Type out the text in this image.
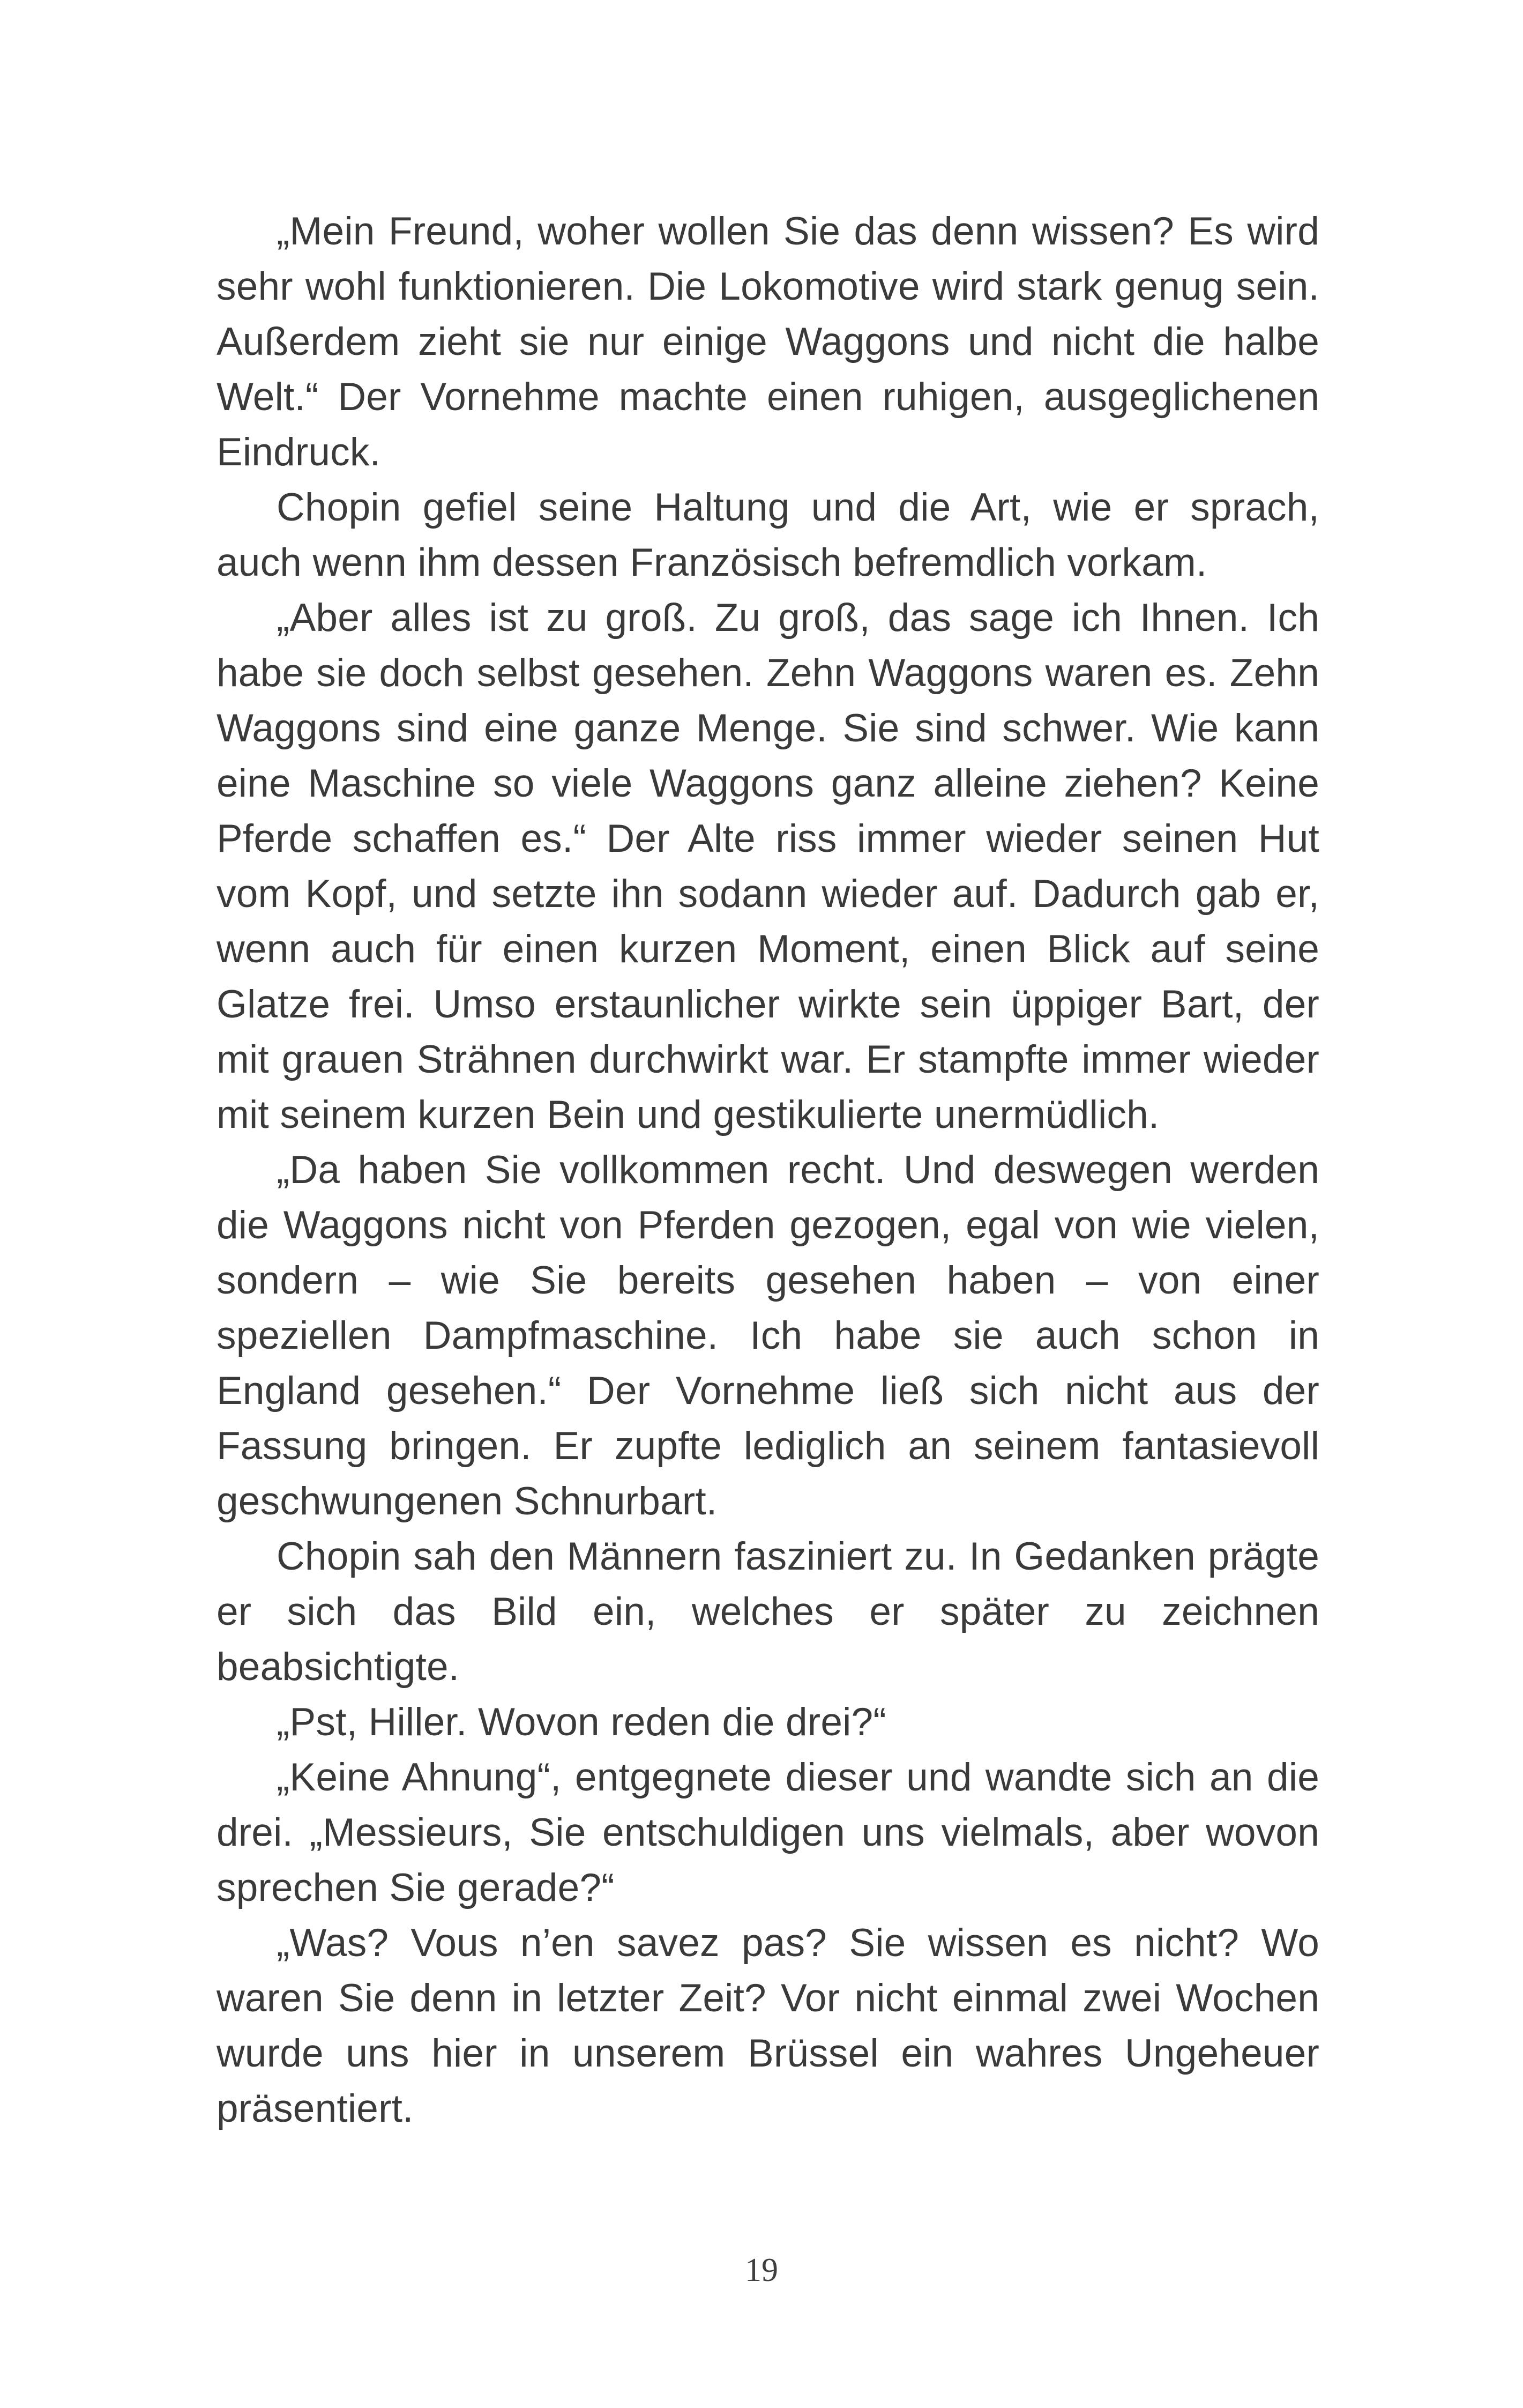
„Mein Freund, woher wollen Sie das denn wissen? Es wird sehr wohl funktionieren. Die Lokomotive wird stark genug sein. Außerdem zieht sie nur einige Waggons und nicht die halbe Welt.“ Der Vornehme machte einen ruhigen, ausgeglichenen Eindruck.

Chopin gefiel seine Haltung und die Art, wie er sprach, auch wenn ihm dessen Französisch befremdlich vorkam.

„Aber alles ist zu groß. Zu groß, das sage ich Ihnen. Ich habe sie doch selbst gesehen. Zehn Waggons waren es. Zehn Waggons sind eine ganze Menge. Sie sind schwer. Wie kann eine Maschine so viele Waggons ganz alleine ziehen? Keine Pferde schaffen es.“ Der Alte riss immer wieder seinen Hut vom Kopf, und setzte ihn sodann wieder auf. Dadurch gab er, wenn auch für einen kurzen Moment, einen Blick auf seine Glatze frei. Umso erstaunlicher wirkte sein üppiger Bart, der mit grauen Strähnen durchwirkt war. Er stampfte immer wieder mit seinem kurzen Bein und gestikulierte unermüdlich.

„Da haben Sie vollkommen recht. Und deswegen werden die Waggons nicht von Pferden gezogen, egal von wie vielen, sondern – wie Sie bereits gesehen haben – von einer speziellen Dampfmaschine. Ich habe sie auch schon in England gesehen.“ Der Vornehme ließ sich nicht aus der Fassung bringen. Er zupfte lediglich an seinem fantasievoll geschwungenen Schnurbart.

Chopin sah den Männern fasziniert zu. In Gedanken prägte er sich das Bild ein, welches er später zu zeichnen beabsichtigte.

„Pst, Hiller. Wovon reden die drei?“

„Keine Ahnung“, entgegnete dieser und wandte sich an die drei. „Messieurs, Sie entschuldigen uns vielmals, aber wovon sprechen Sie gerade?“

„Was? Vous n’en savez pas? Sie wissen es nicht? Wo waren Sie denn in letzter Zeit? Vor nicht einmal zwei Wochen wurde uns hier in unserem Brüssel ein wahres Ungeheuer präsentiert.

19
